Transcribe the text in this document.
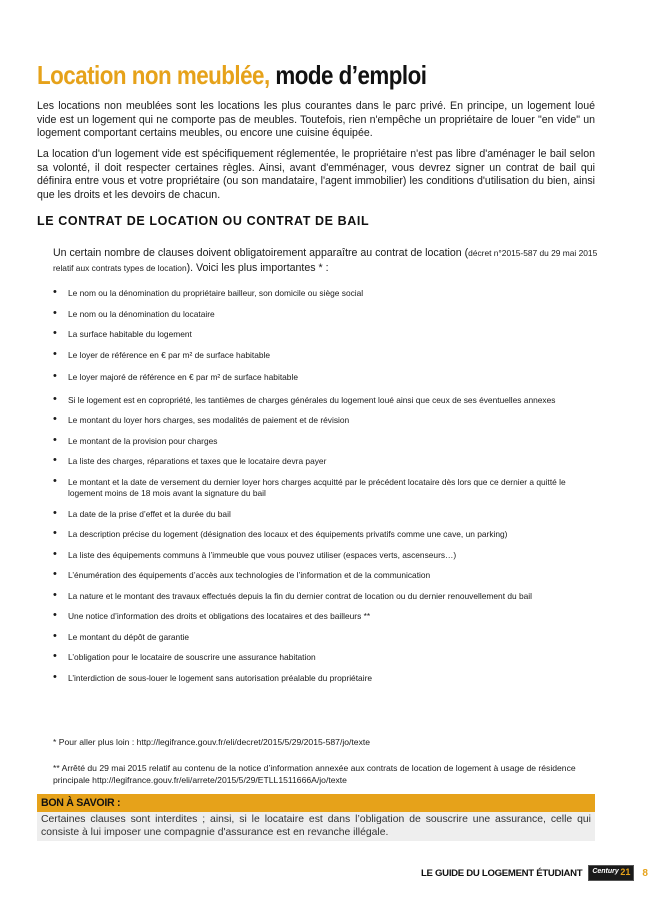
Location non meublée, mode d’emploi

Les locations non meublées sont les locations les plus courantes dans le parc privé. En principe, un logement loué vide est un logement qui ne comporte pas de meubles. Toutefois, rien n'empêche un propriétaire de louer "en vide" un logement comportant certains meubles, ou encore une cuisine équipée.

La location d'un logement vide est spécifiquement réglementée, le propriétaire n'est pas libre d'aménager le bail selon sa volonté, il doit respecter certaines règles. Ainsi, avant d'emménager, vous devrez signer un contrat de bail qui définira entre vous et votre propriétaire (ou son mandataire, l'agent immobilier) les conditions d'utilisation du bien, ainsi que les droits et les devoirs de chacun.

LE CONTRAT DE LOCATION OU CONTRAT DE BAIL

Un certain nombre de clauses doivent obligatoirement apparaître au contrat de location (décret n°2015-587 du 29 mai 2015 relatif aux contrats types de location). Voici les plus importantes * :

• Le nom ou la dénomination du propriétaire bailleur, son domicile ou siège social
• Le nom ou la dénomination du locataire
• La surface habitable du logement
• Le loyer de référence en € par m² de surface habitable
• Le loyer majoré de référence en € par m² de surface habitable
• Si le logement est en copropriété, les tantièmes de charges générales du logement loué ainsi que ceux de ses éventuelles annexes
• Le montant du loyer hors charges, ses modalités de paiement et de révision
• Le montant de la provision pour charges
• La liste des charges, réparations et taxes que le locataire devra payer
• Le montant et la date de versement du dernier loyer hors charges acquitté par le précédent locataire dès lors que ce dernier a quitté le logement moins de 18 mois avant la signature du bail
• La date de la prise d’effet et la durée du bail
• La description précise du logement (désignation des locaux et des équipements privatifs comme une cave, un parking)
• La liste des équipements communs à l’immeuble que vous pouvez utiliser (espaces verts, ascenseurs…)
• L’énumération des équipements d’accès aux technologies de l’information et de la communication
• La nature et le montant des travaux effectués depuis la fin du dernier contrat de location ou du dernier renouvellement du bail
• Une notice d’information des droits et obligations des locataires et des bailleurs **
• Le montant du dépôt de garantie
• L’obligation pour le locataire de souscrire une assurance habitation
• L’interdiction de sous-louer le logement sans autorisation préalable du propriétaire

* Pour aller plus loin : http://legifrance.gouv.fr/eli/decret/2015/5/29/2015-587/jo/texte

** Arrêté du 29 mai 2015 relatif au contenu de la notice d’information annexée aux contrats de location de logement à usage de résidence principale http://legifrance.gouv.fr/eli/arrete/2015/5/29/ETLL1511666A/jo/texte

BON À SAVOIR :
Certaines clauses sont interdites ; ainsi, si le locataire est dans l’obligation de souscrire une assurance, celle qui consiste à lui imposer une compagnie d'assurance est en revanche illégale.
LE GUIDE DU LOGEMENT ÉTUDIANT Century 21 8
